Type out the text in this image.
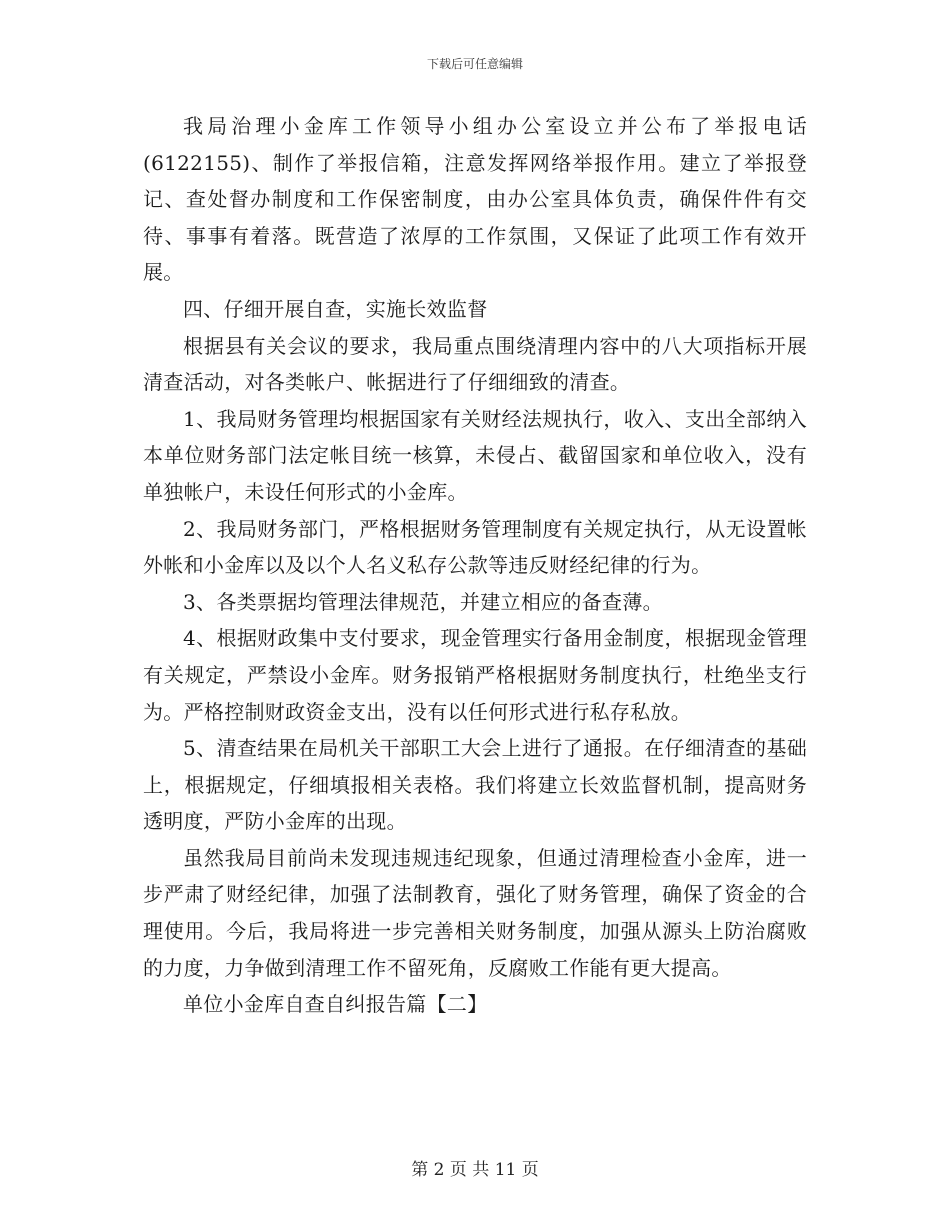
下载后可任意编辑

我局治理小金库工作领导小组办公室设立并公布了举报电话(6122155)、制作了举报信箱，注意发挥网络举报作用。建立了举报登记、查处督办制度和工作保密制度，由办公室具体负责，确保件件有交待、事事有着落。既营造了浓厚的工作氛围，又保证了此项工作有效开展。

四、仔细开展自查，实施长效监督

根据县有关会议的要求，我局重点围绕清理内容中的八大项指标开展清查活动，对各类帐户、帐据进行了仔细细致的清查。

1、我局财务管理均根据国家有关财经法规执行，收入、支出全部纳入本单位财务部门法定帐目统一核算，未侵占、截留国家和单位收入，没有单独帐户，未设任何形式的小金库。

2、我局财务部门，严格根据财务管理制度有关规定执行，从无设置帐外帐和小金库以及以个人名义私存公款等违反财经纪律的行为。

3、各类票据均管理法律规范，并建立相应的备查薄。

4、根据财政集中支付要求，现金管理实行备用金制度，根据现金管理有关规定，严禁设小金库。财务报销严格根据财务制度执行，杜绝坐支行为。严格控制财政资金支出，没有以任何形式进行私存私放。

5、清查结果在局机关干部职工大会上进行了通报。在仔细清查的基础上，根据规定，仔细填报相关表格。我们将建立长效监督机制，提高财务透明度，严防小金库的出现。

虽然我局目前尚未发现违规违纪现象，但通过清理检查小金库，进一步严肃了财经纪律，加强了法制教育，强化了财务管理，确保了资金的合理使用。今后，我局将进一步完善相关财务制度，加强从源头上防治腐败的力度，力争做到清理工作不留死角，反腐败工作能有更大提高。

单位小金库自查自纠报告篇【二】

第 2 页 共 11 页
